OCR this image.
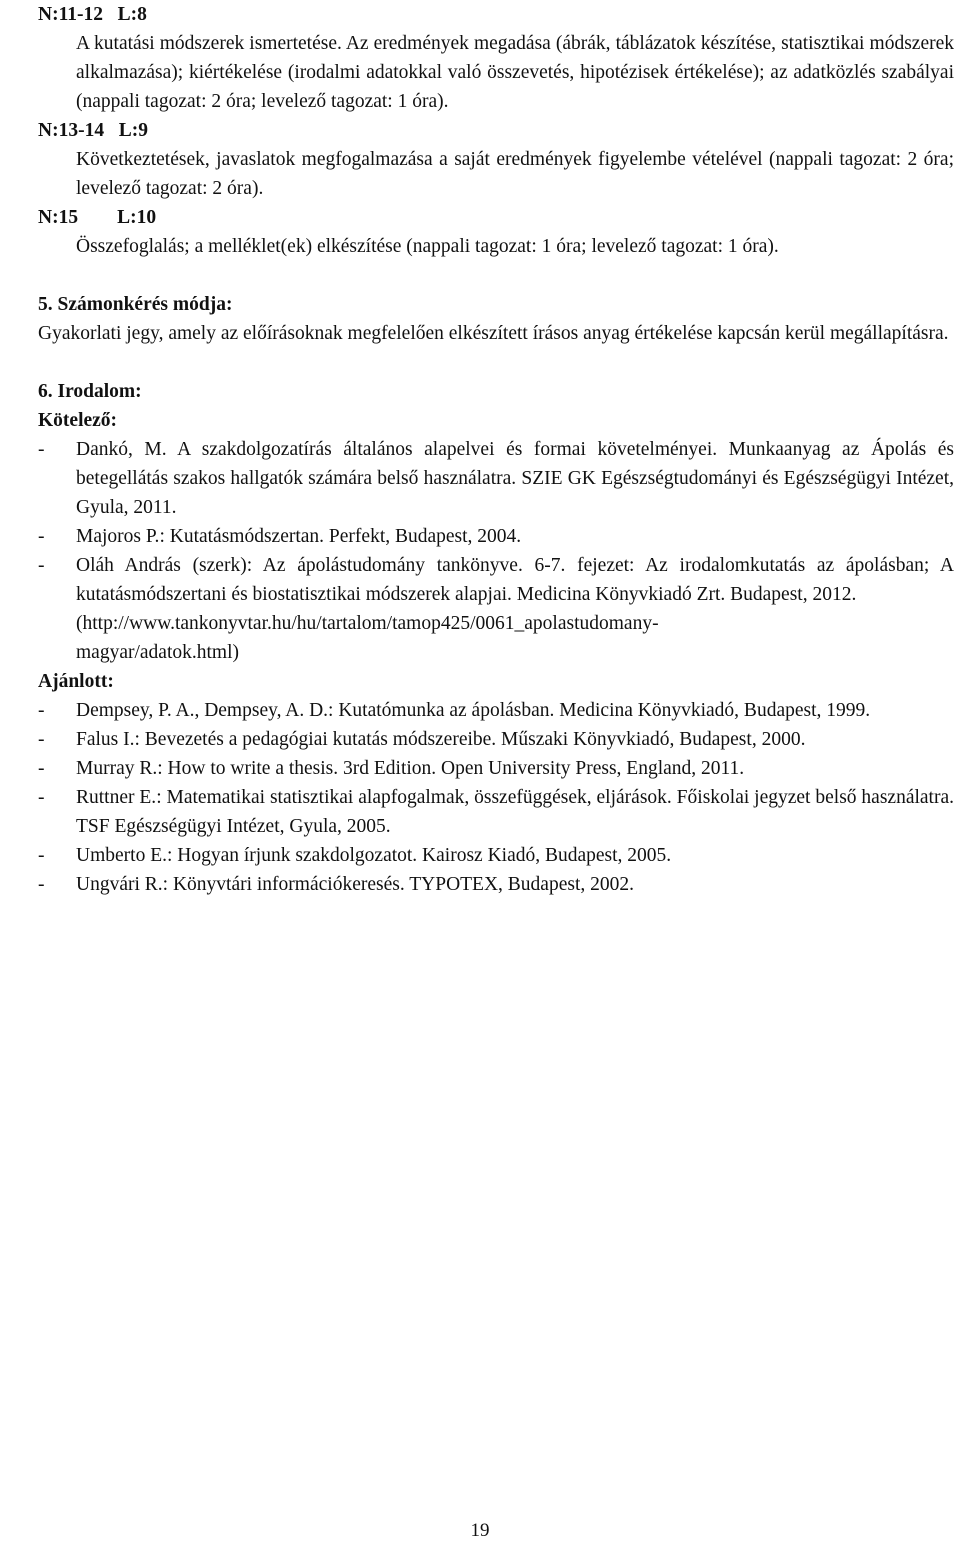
N:11-12   L:8

A kutatási módszerek ismertetése. Az eredmények megadása (ábrák, táblázatok készítése, statisztikai módszerek alkalmazása); kiértékelése (irodalmi adatokkal való összevetés, hipotézisek értékelése); az adatközlés szabályai (nappali tagozat: 2 óra; levelező tagozat: 1 óra).

N:13-14   L:9

Következtetések, javaslatok megfogalmazása a saját eredmények figyelembe vételével (nappali tagozat: 2 óra; levelező tagozat: 2 óra).

N:15        L:10

Összefoglalás; a melléklet(ek) elkészítése (nappali tagozat: 1 óra; levelező tagozat: 1 óra).

5. Számonkérés módja:

Gyakorlati jegy, amely az előírásoknak megfelelően elkészített írásos anyag értékelése kapcsán kerül megállapításra.

6. Irodalom:
Kötelező:
- Dankó, M. A szakdolgozatírás általános alapelvei és formai követelményei. Munkaanyag az Ápolás és betegellátás szakos hallgatók számára belső használatra. SZIE GK Egészségtudományi és Egészségügyi Intézet, Gyula, 2011.
- Majoros P.: Kutatásmódszertan. Perfekt, Budapest, 2004.
- Oláh András (szerk): Az ápolástudomány tankönyve. 6-7. fejezet: Az irodalomkutatás az ápolásban; A kutatásmódszertani és biostatisztikai módszerek alapjai. Medicina Könyvkiadó Zrt. Budapest, 2012.
(http://www.tankonyvtar.hu/hu/tartalom/tamop425/0061_apolastudomany-
magyar/adatok.html)
Ajánlott:
- Dempsey, P. A., Dempsey, A. D.: Kutatómunka az ápolásban. Medicina Könyvkiadó, Budapest, 1999.
- Falus I.: Bevezetés a pedagógiai kutatás módszereibe. Műszaki Könyvkiadó, Budapest, 2000.
- Murray R.: How to write a thesis. 3rd Edition. Open University Press, England, 2011.
- Ruttner E.: Matematikai statisztikai alapfogalmak, összefüggések, eljárások. Főiskolai jegyzet belső használatra. TSF Egészségügyi Intézet, Gyula, 2005.
- Umberto E.: Hogyan írjunk szakdolgozatot. Kairosz Kiadó, Budapest, 2005.
- Ungvári R.: Könyvtári információkeresés. TYPOTEX, Budapest, 2002.
19
